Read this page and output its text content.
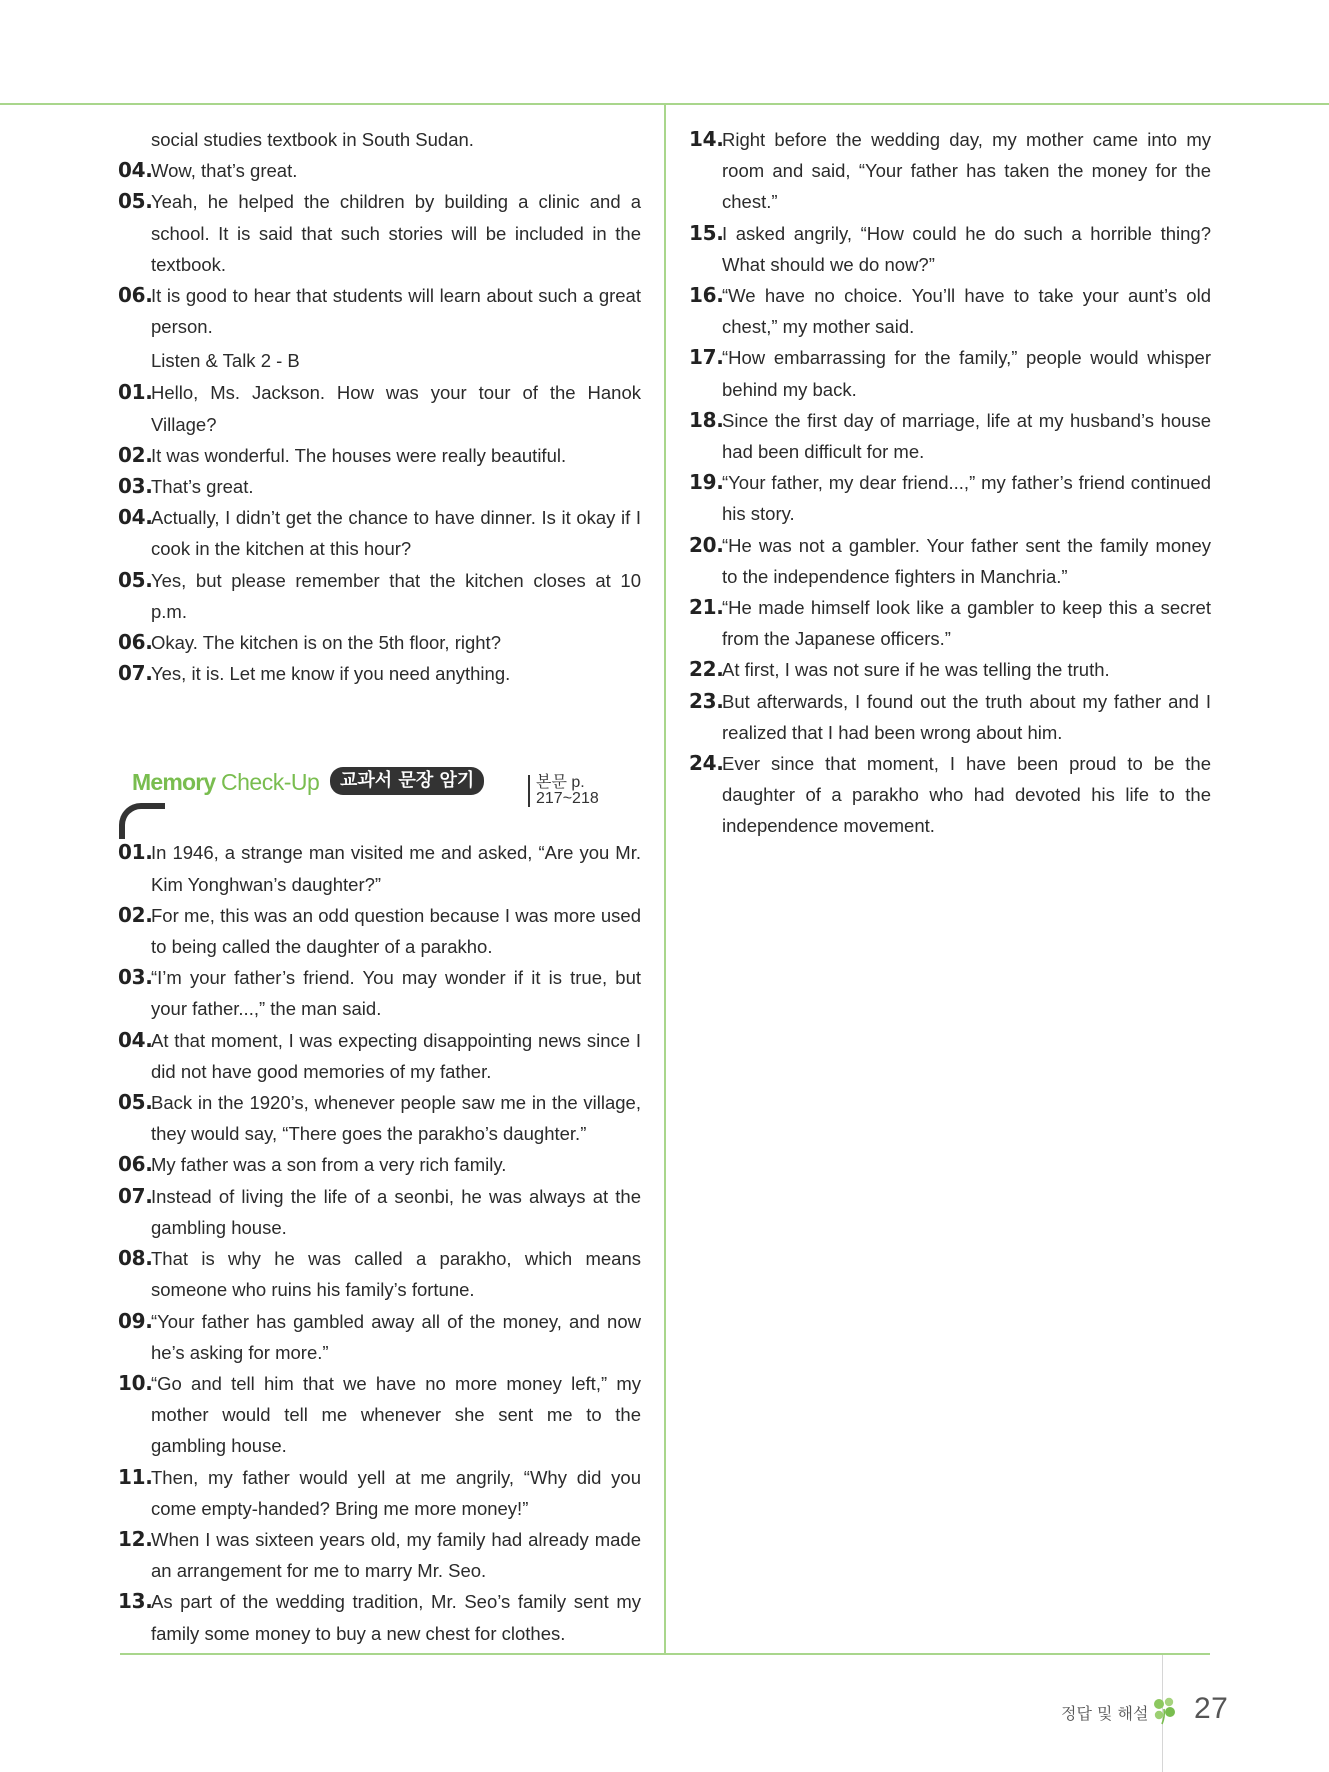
social studies textbook in South Sudan.
04.
Wow, that’s great.
05.
Yeah, he helped the children by building a clinic and a school. It is said that such stories will be included in the textbook.
06.
It is good to hear that students will learn about such a great person.
Listen & Talk 2 - B
01.
Hello, Ms. Jackson. How was your tour of the Hanok Village?
02.
It was wonderful. The houses were really beautiful.
03.
That’s great.
04.
Actually, I didn’t get the chance to have dinner. Is it okay if I cook in the kitchen at this hour?
05.
Yes, but please remember that the kitchen closes at 10 p.m.
06.
Okay. The kitchen is on the 5th floor, right?
07.
Yes, it is. Let me know if you need anything.
Memory Check-Up	교과서 문장 암기	본문 p. 217~218
01.
In 1946, a strange man visited me and asked, “Are you Mr. Kim Yonghwan’s daughter?”
02.
For me, this was an odd question because I was more used to being called the daughter of a parakho.
03.
“I’m your father’s friend. You may wonder if it is true, but your father...,” the man said.
04.
At that moment, I was expecting disappointing news since I did not have good memories of my father.
05.
Back in the 1920’s, whenever people saw me in the village, they would say, “There goes the parakho’s daughter.”
06.
My father was a son from a very rich family.
07.
Instead of living the life of a seonbi, he was always at the gambling house.
08.
That is why he was called a parakho, which means someone who ruins his family’s fortune.
09.
“Your father has gambled away all of the money, and now he’s asking for more.”
10.
“Go and tell him that we have no more money left,” my mother would tell me whenever she sent me to the gambling house.
11.
Then, my father would yell at me angrily, “Why did you come empty-handed? Bring me more money!”
12.
When I was sixteen years old, my family had already made an arrangement for me to marry Mr. Seo.
13.
As part of the wedding tradition, Mr. Seo’s family sent my family some money to buy a new chest for clothes.
14.
Right before the wedding day, my mother came into my room and said, “Your father has taken the money for the chest.”
15.
I asked angrily, “How could he do such a horrible thing? What should we do now?”
16.
“We have no choice. You’ll have to take your aunt’s old chest,” my mother said.
17.
“How embarrassing for the family,” people would whisper behind my back.
18.
Since the first day of marriage, life at my husband’s house had been difficult for me.
19.
“Your father, my dear friend...,” my father’s friend continued his story.
20.
“He was not a gambler. Your father sent the family money to the independence fighters in Manchria.”
21.
“He made himself look like a gambler to keep this a secret from the Japanese officers.”
22.
At first, I was not sure if he was telling the truth.
23.
But afterwards, I found out the truth about my father and I realized that I had been wrong about him.
24.
Ever since that moment, I have been proud to be the daughter of a parakho who had devoted his life to the independence movement.
정답 및 해설 27
